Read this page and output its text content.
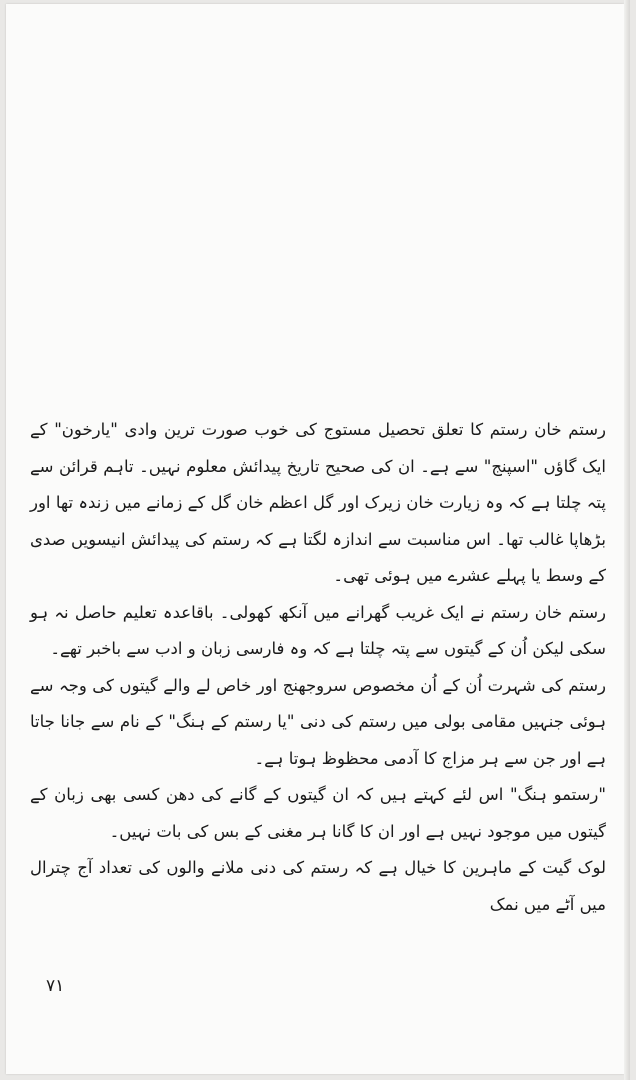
رستم خان رستم کا تعلق تحصیل مستوج کی خوب صورت ترین وادی "یارخون" کے ایک گاؤں "اسپنج" سے ہے۔ ان کی صحیح تاریخ پیدائش معلوم نہیں۔ تاہم قرائن سے پتہ چلتا ہے کہ وہ زیارت خان زیرک اور گل اعظم خان گل کے زمانے میں زندہ تھا اور بڑھاپا غالب تھا۔ اس مناسبت سے اندازہ لگتا ہے کہ رستم کی پیدائش انیسویں صدی کے وسط یا پہلے عشرے میں ہوئی تھی۔

رستم خان رستم نے ایک غریب گھرانے میں آنکھ کھولی۔ باقاعدہ تعلیم حاصل نہ ہو سکی لیکن اُن کے گیتوں سے پتہ چلتا ہے کہ وہ فارسی زبان و ادب سے باخبر تھے۔

رستم کی شہرت اُن کے اُن مخصوص سروجھنج اور خاص لے والے گیتوں کی وجہ سے ہوئی جنہیں مقامی بولی میں رستم کی دنی "یا رستم کے ہنگ" کے نام سے جانا جاتا ہے اور جن سے ہر مزاج کا آدمی محظوظ ہوتا ہے۔

"رستمو ہنگ" اس لئے کہتے ہیں کہ ان گیتوں کے گانے کی دھن کسی بھی زبان کے گیتوں میں موجود نہیں ہے اور ان کا گانا ہر مغنی کے بس کی بات نہیں۔

لوک گیت کے ماہرین کا خیال ہے کہ رستم کی دنی ملانے والوں کی تعداد آج چترال میں آٹے میں نمک

۷۱
